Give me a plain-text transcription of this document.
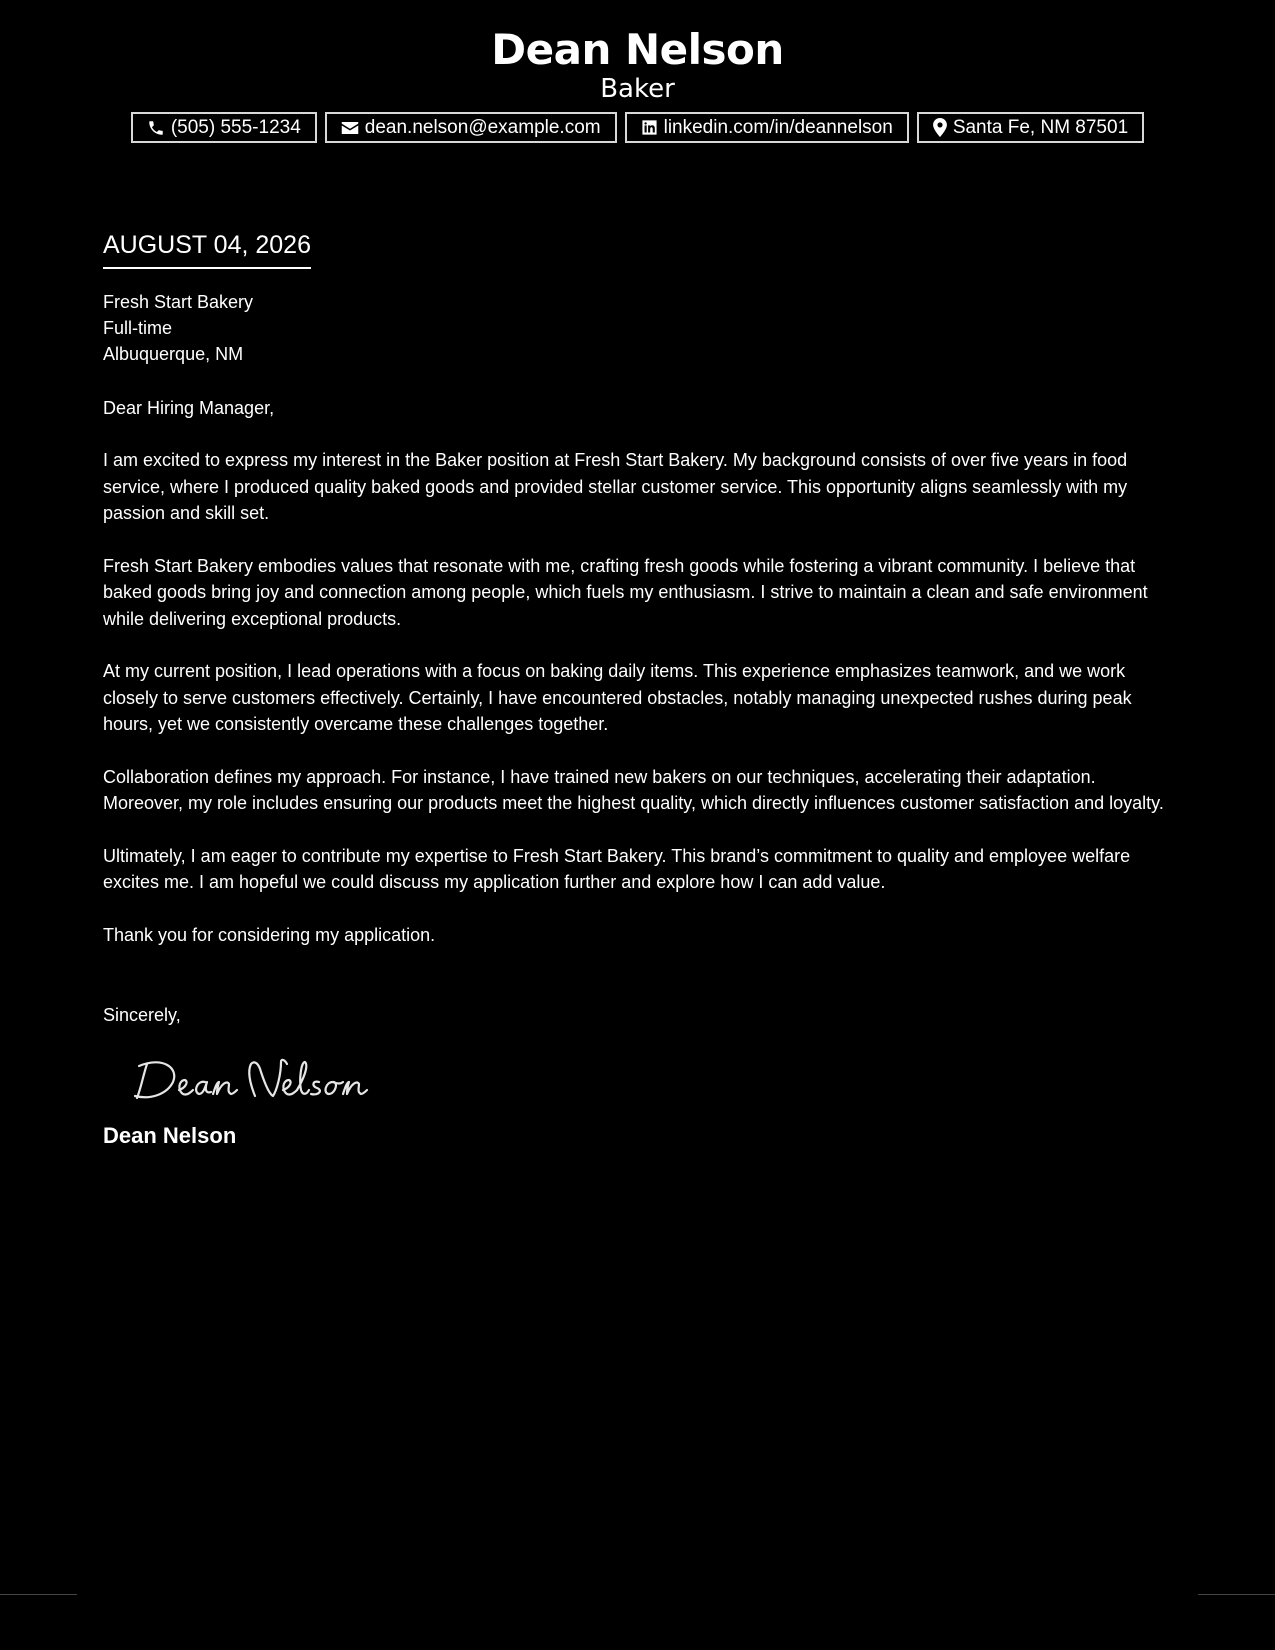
Dean Nelson
Baker
(505) 555-1234	dean.nelson@example.com	linkedin.com/in/deannelson	Santa Fe, NM 87501
AUGUST 04, 2026
Fresh Start Bakery
Full-time
Albuquerque, NM
Dear Hiring Manager,

I am excited to express my interest in the Baker position at Fresh Start Bakery. My background consists of over five years in food service, where I produced quality baked goods and provided stellar customer service. This opportunity aligns seamlessly with my passion and skill set.

Fresh Start Bakery embodies values that resonate with me, crafting fresh goods while fostering a vibrant community. I believe that baked goods bring joy and connection among people, which fuels my enthusiasm. I strive to maintain a clean and safe environment while delivering exceptional products.

At my current position, I lead operations with a focus on baking daily items. This experience emphasizes teamwork, and we work closely to serve customers effectively. Certainly, I have encountered obstacles, notably managing unexpected rushes during peak hours, yet we consistently overcame these challenges together.

Collaboration defines my approach. For instance, I have trained new bakers on our techniques, accelerating their adaptation. Moreover, my role includes ensuring our products meet the highest quality, which directly influences customer satisfaction and loyalty.

Ultimately, I am eager to contribute my expertise to Fresh Start Bakery. This brand’s commitment to quality and employee welfare excites me. I am hopeful we could discuss my application further and explore how I can add value.

Thank you for considering my application.

Sincerely,
Dean Nelson
